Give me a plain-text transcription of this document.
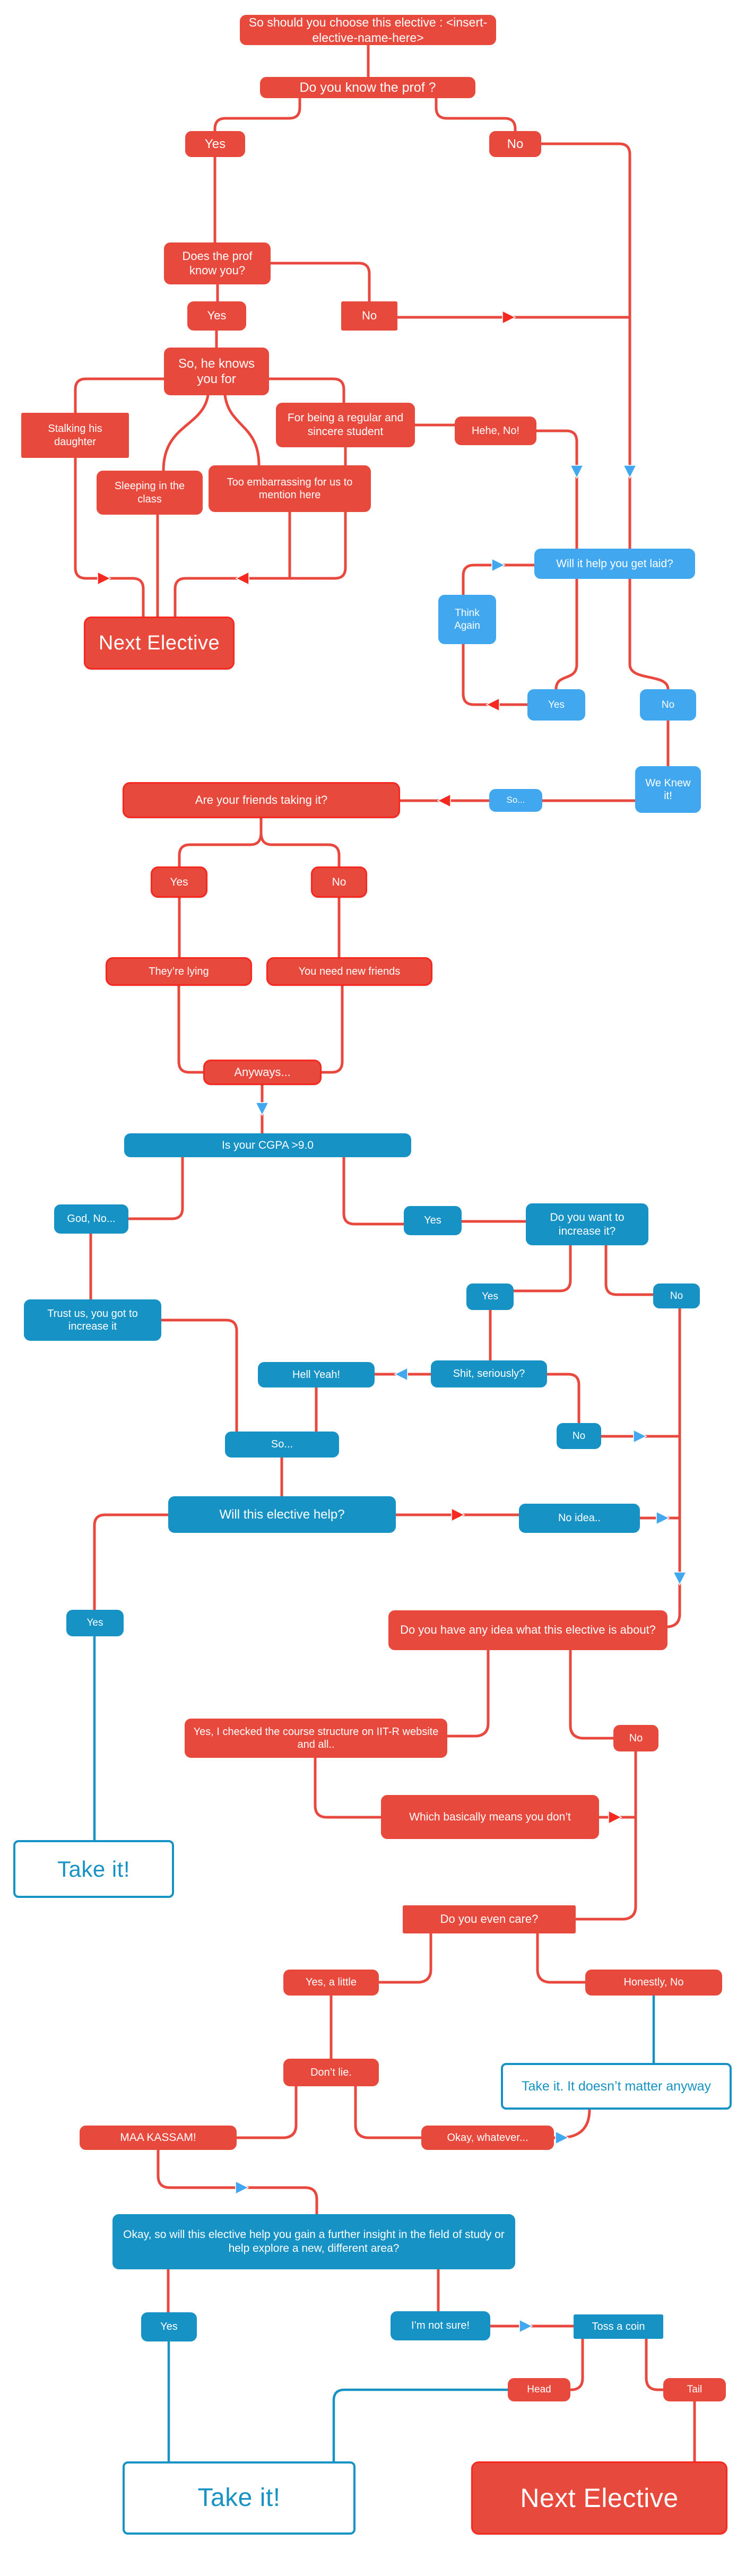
So should you choose this elective : <insert-elective-name-here>
Do you know the prof ?
Yes	No
Does the prof know you?
Yes	No
So, he knows you for
Stalking his daughter
For being a regular and sincere student
Sleeping in the class
Too embarrassing for us to mention here
Hehe, No!
Next Elective
Will it help you get laid?
Think Again
Yes	No
We Knew it!
So...
Are your friends taking it?
Yes	No
They’re lying	You need new friends
Anyways...
Is your CGPA >9.0
God, No...	Yes	Do you want to increase it?
Trust us, you got to increase it
Yes	No
Hell Yeah!	Shit, seriously?
No
So...
Will this elective help?	No idea..
Yes
Do you have any idea what this elective is about?
Yes, I checked the course structure on IIT-R website and all..
No
Which basically means you don’t
Take it!
Do you even care?
Yes, a little	Honestly, No
Don’t lie.
Take it. It doesn’t matter anyway
MAA KASSAM!	Okay, whatever...
Okay, so will this elective help you gain a further insight in the field of study or help explore a new, different area?
Yes	I’m not sure!	Toss a coin
Head	Tail
Take it!	Next Elective
